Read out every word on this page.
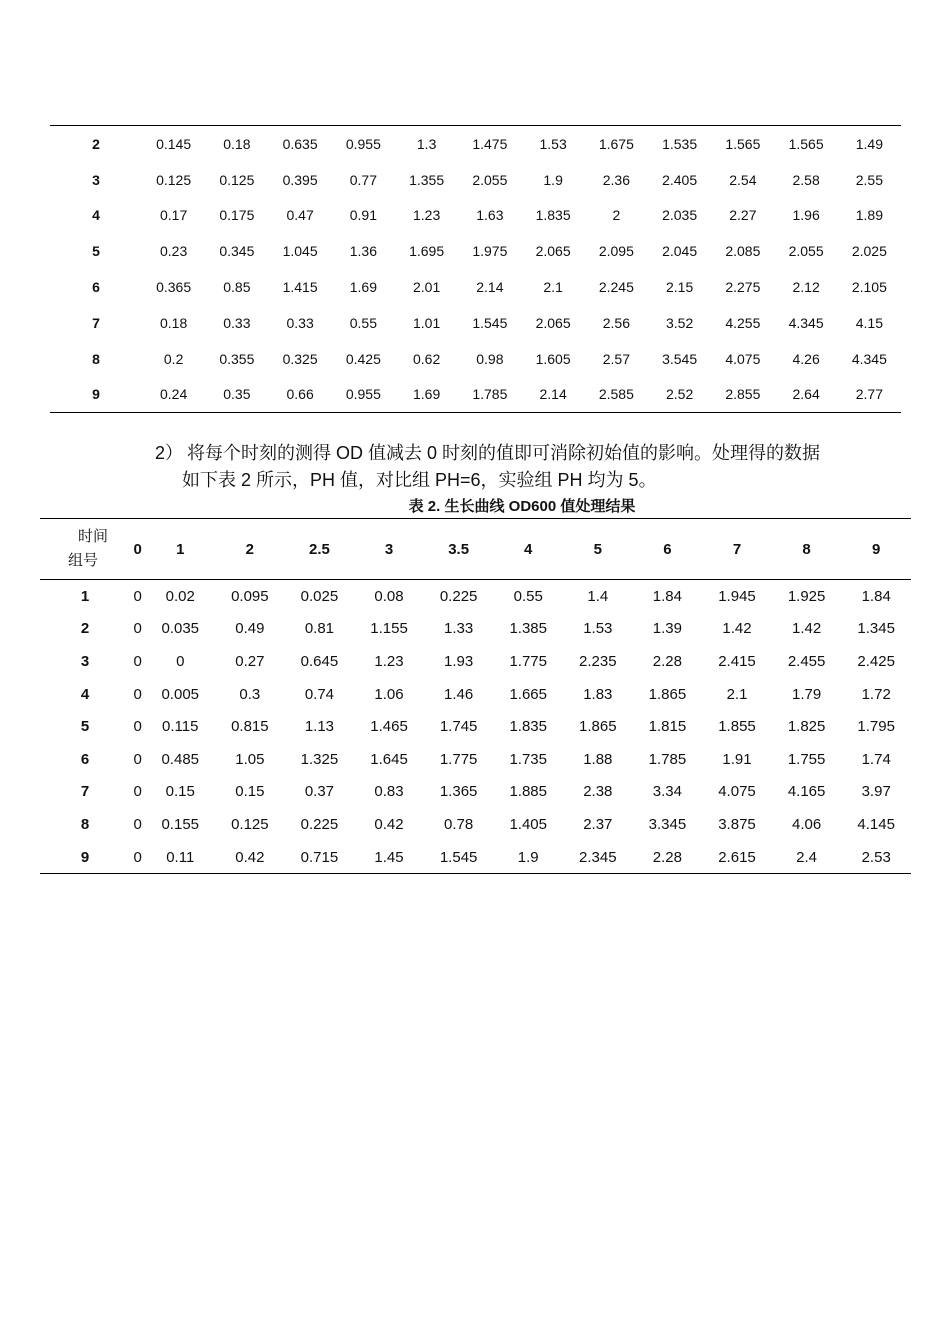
2	0.145	0.18	0.635	0.955	1.3	1.475	1.53	1.675	1.535	1.565	1.565	1.49
3	0.125	0.125	0.395	0.77	1.355	2.055	1.9	2.36	2.405	2.54	2.58	2.55
4	0.17	0.175	0.47	0.91	1.23	1.63	1.835	2	2.035	2.27	1.96	1.89
5	0.23	0.345	1.045	1.36	1.695	1.975	2.065	2.095	2.045	2.085	2.055	2.025
6	0.365	0.85	1.415	1.69	2.01	2.14	2.1	2.245	2.15	2.275	2.12	2.105
7	0.18	0.33	0.33	0.55	1.01	1.545	2.065	2.56	3.52	4.255	4.345	4.15
8	0.2	0.355	0.325	0.425	0.62	0.98	1.605	2.57	3.545	4.075	4.26	4.345
9	0.24	0.35	0.66	0.955	1.69	1.785	2.14	2.585	2.52	2.855	2.64	2.77
2） 将每个时刻的测得 OD 值减去 0 时刻的值即可消除初始值的影响。处理得的数据
如下表 2 所示，PH 值，对比组 PH=6，实验组 PH 均为 5。
表 2. 生长曲线 OD600 值处理结果
时间
组号	0	1	2	2.5	3	3.5	4	5	6	7	8	9
1	0	0.02	0.095	0.025	0.08	0.225	0.55	1.4	1.84	1.945	1.925	1.84
2	0	0.035	0.49	0.81	1.155	1.33	1.385	1.53	1.39	1.42	1.42	1.345
3	0	0	0.27	0.645	1.23	1.93	1.775	2.235	2.28	2.415	2.455	2.425
4	0	0.005	0.3	0.74	1.06	1.46	1.665	1.83	1.865	2.1	1.79	1.72
5	0	0.115	0.815	1.13	1.465	1.745	1.835	1.865	1.815	1.855	1.825	1.795
6	0	0.485	1.05	1.325	1.645	1.775	1.735	1.88	1.785	1.91	1.755	1.74
7	0	0.15	0.15	0.37	0.83	1.365	1.885	2.38	3.34	4.075	4.165	3.97
8	0	0.155	0.125	0.225	0.42	0.78	1.405	2.37	3.345	3.875	4.06	4.145
9	0	0.11	0.42	0.715	1.45	1.545	1.9	2.345	2.28	2.615	2.4	2.53
